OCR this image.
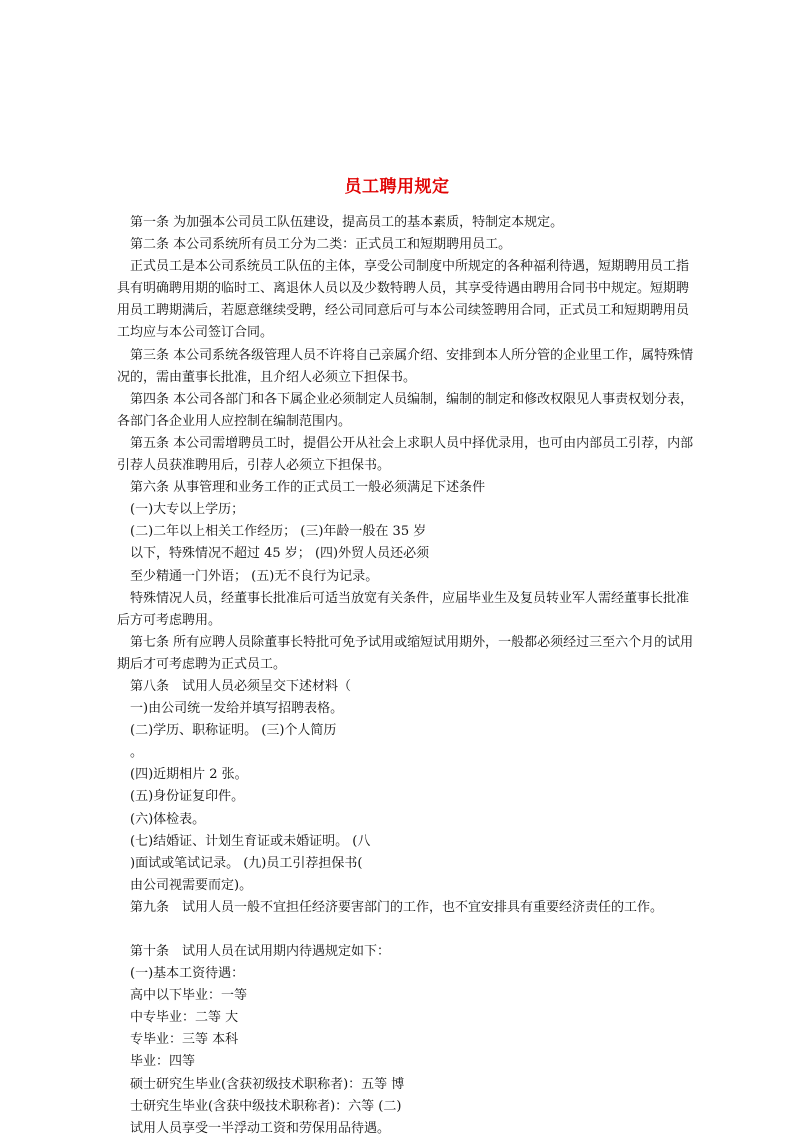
员工聘用规定

第一条 为加强本公司员工队伍建设，提高员工的基本素质，特制定本规定。

第二条 本公司系统所有员工分为二类：正式员工和短期聘用员工。

正式员工是本公司系统员工队伍的主体，享受公司制度中所规定的各种福利待遇，短期聘用员工指具有明确聘用期的临时工、离退休人员以及少数特聘人员，其享受待遇由聘用合同书中规定。短期聘用员工聘期满后，若愿意继续受聘，经公司同意后可与本公司续签聘用合同，正式员工和短期聘用员工均应与本公司签订合同。

第三条 本公司系统各级管理人员不许将自己亲属介绍、安排到本人所分管的企业里工作，属特殊情况的，需由董事长批准，且介绍人必须立下担保书。

第四条 本公司各部门和各下属企业必须制定人员编制，编制的制定和修改权限见人事责权划分表，各部门各企业用人应控制在编制范围内。

第五条 本公司需增聘员工时，提倡公开从社会上求职人员中择优录用，也可由内部员工引荐，内部引荐人员获准聘用后，引荐人必须立下担保书。

第六条 从事管理和业务工作的正式员工一般必须满足下述条件

(一)大专以上学历；

(二)二年以上相关工作经历； (三)年龄一般在 35 岁

以下，特殊情况不超过 45 岁； (四)外贸人员还必须

至少精通一门外语； (五)无不良行为记录。

特殊情况人员，经董事长批准后可适当放宽有关条件，应届毕业生及复员转业军人需经董事长批准后方可考虑聘用。

第七条 所有应聘人员除董事长特批可免予试用或缩短试用期外，一般都必须经过三至六个月的试用期后才可考虑聘为正式员工。

第八条　试用人员必须呈交下述材料（

一)由公司统一发给并填写招聘表格。

(二)学历、职称证明。 (三)个人简历

。

(四)近期相片 2 张。

(五)身份证复印件。

(六)体检表。

(七)结婚证、计划生育证或未婚证明。 (八

)面试或笔试记录。 (九)员工引荐担保书(

由公司视需要而定)。

第九条　试用人员一般不宜担任经济要害部门的工作，也不宜安排具有重要经济责任的工作。

第十条　试用人员在试用期内待遇规定如下：

(一)基本工资待遇：

高中以下毕业：一等

中专毕业：二等 大

专毕业：三等 本科

毕业：四等

硕士研究生毕业(含获初级技术职称者)：五等 博

士研究生毕业(含获中级技术职称者)：六等 (二)

试用人员享受一半浮动工资和劳保用品待遇。
